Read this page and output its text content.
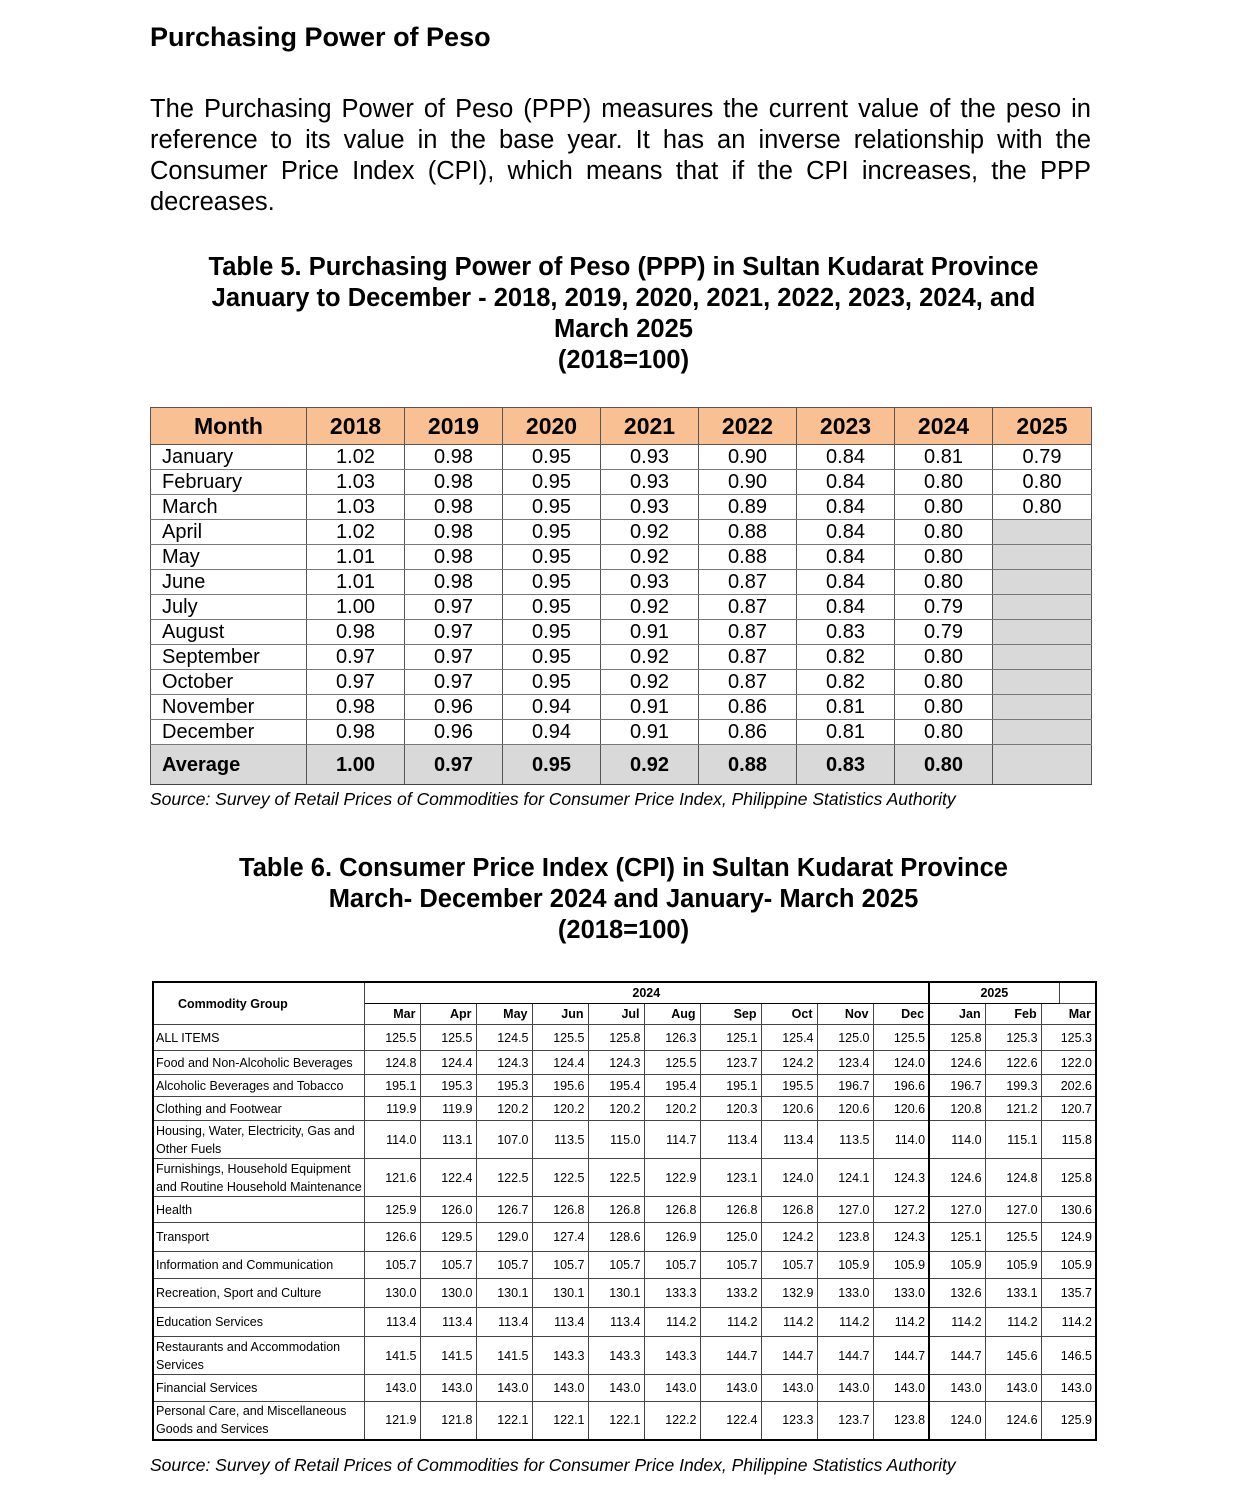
Purchasing Power of Peso

The Purchasing Power of Peso (PPP) measures the current value of the peso in reference to its value in the base year. It has an inverse relationship with the Consumer Price Index (CPI), which means that if the CPI increases, the PPP decreases.

Table 5. Purchasing Power of Peso (PPP) in Sultan Kudarat Province
January to December - 2018, 2019, 2020, 2021, 2022, 2023, 2024, and
March 2025
(2018=100)
Month	2018	2019	2020	2021	2022	2023	2024	2025
January	1.02	0.98	0.95	0.93	0.90	0.84	0.81	0.79
February	1.03	0.98	0.95	0.93	0.90	0.84	0.80	0.80
March	1.03	0.98	0.95	0.93	0.89	0.84	0.80	0.80
April	1.02	0.98	0.95	0.92	0.88	0.84	0.80	
May	1.01	0.98	0.95	0.92	0.88	0.84	0.80	
June	1.01	0.98	0.95	0.93	0.87	0.84	0.80	
July	1.00	0.97	0.95	0.92	0.87	0.84	0.79	
August	0.98	0.97	0.95	0.91	0.87	0.83	0.79	
September	0.97	0.97	0.95	0.92	0.87	0.82	0.80	
October	0.97	0.97	0.95	0.92	0.87	0.82	0.80	
November	0.98	0.96	0.94	0.91	0.86	0.81	0.80	
December	0.98	0.96	0.94	0.91	0.86	0.81	0.80	
Average	1.00	0.97	0.95	0.92	0.88	0.83	0.80	

Source: Survey of Retail Prices of Commodities for Consumer Price Index, Philippine Statistics Authority

Table 6. Consumer Price Index (CPI) in Sultan Kudarat Province
March- December 2024 and January- March 2025
(2018=100)
Commodity Group	2024										2025		
	Mar	Apr	May	Jun	Jul	Aug	Sep	Oct	Nov	Dec	Jan	Feb	Mar
ALL ITEMS	125.5	125.5	124.5	125.5	125.8	126.3	125.1	125.4	125.0	125.5	125.8	125.3	125.3
Food and Non-Alcoholic Beverages	124.8	124.4	124.3	124.4	124.3	125.5	123.7	124.2	123.4	124.0	124.6	122.6	122.0
Alcoholic Beverages and Tobacco	195.1	195.3	195.3	195.6	195.4	195.4	195.1	195.5	196.7	196.6	196.7	199.3	202.6
Clothing and Footwear	119.9	119.9	120.2	120.2	120.2	120.2	120.3	120.6	120.6	120.6	120.8	121.2	120.7
Housing, Water, Electricity, Gas and Other Fuels	114.0	113.1	107.0	113.5	115.0	114.7	113.4	113.4	113.5	114.0	114.0	115.1	115.8
Furnishings, Household Equipment and Routine Household Maintenance	121.6	122.4	122.5	122.5	122.5	122.9	123.1	124.0	124.1	124.3	124.6	124.8	125.8
Health	125.9	126.0	126.7	126.8	126.8	126.8	126.8	126.8	127.0	127.2	127.0	127.0	130.6
Transport	126.6	129.5	129.0	127.4	128.6	126.9	125.0	124.2	123.8	124.3	125.1	125.5	124.9
Information and Communication	105.7	105.7	105.7	105.7	105.7	105.7	105.7	105.7	105.9	105.9	105.9	105.9	105.9
Recreation, Sport and Culture	130.0	130.0	130.1	130.1	130.1	133.3	133.2	132.9	133.0	133.0	132.6	133.1	135.7
Education Services	113.4	113.4	113.4	113.4	113.4	114.2	114.2	114.2	114.2	114.2	114.2	114.2	114.2
Restaurants and Accommodation Services	141.5	141.5	141.5	143.3	143.3	143.3	144.7	144.7	144.7	144.7	144.7	145.6	146.5
Financial Services	143.0	143.0	143.0	143.0	143.0	143.0	143.0	143.0	143.0	143.0	143.0	143.0	143.0
Personal Care, and Miscellaneous Goods and Services	121.9	121.8	122.1	122.1	122.1	122.2	122.4	123.3	123.7	123.8	124.0	124.6	125.9

Source: Survey of Retail Prices of Commodities for Consumer Price Index, Philippine Statistics Authority
